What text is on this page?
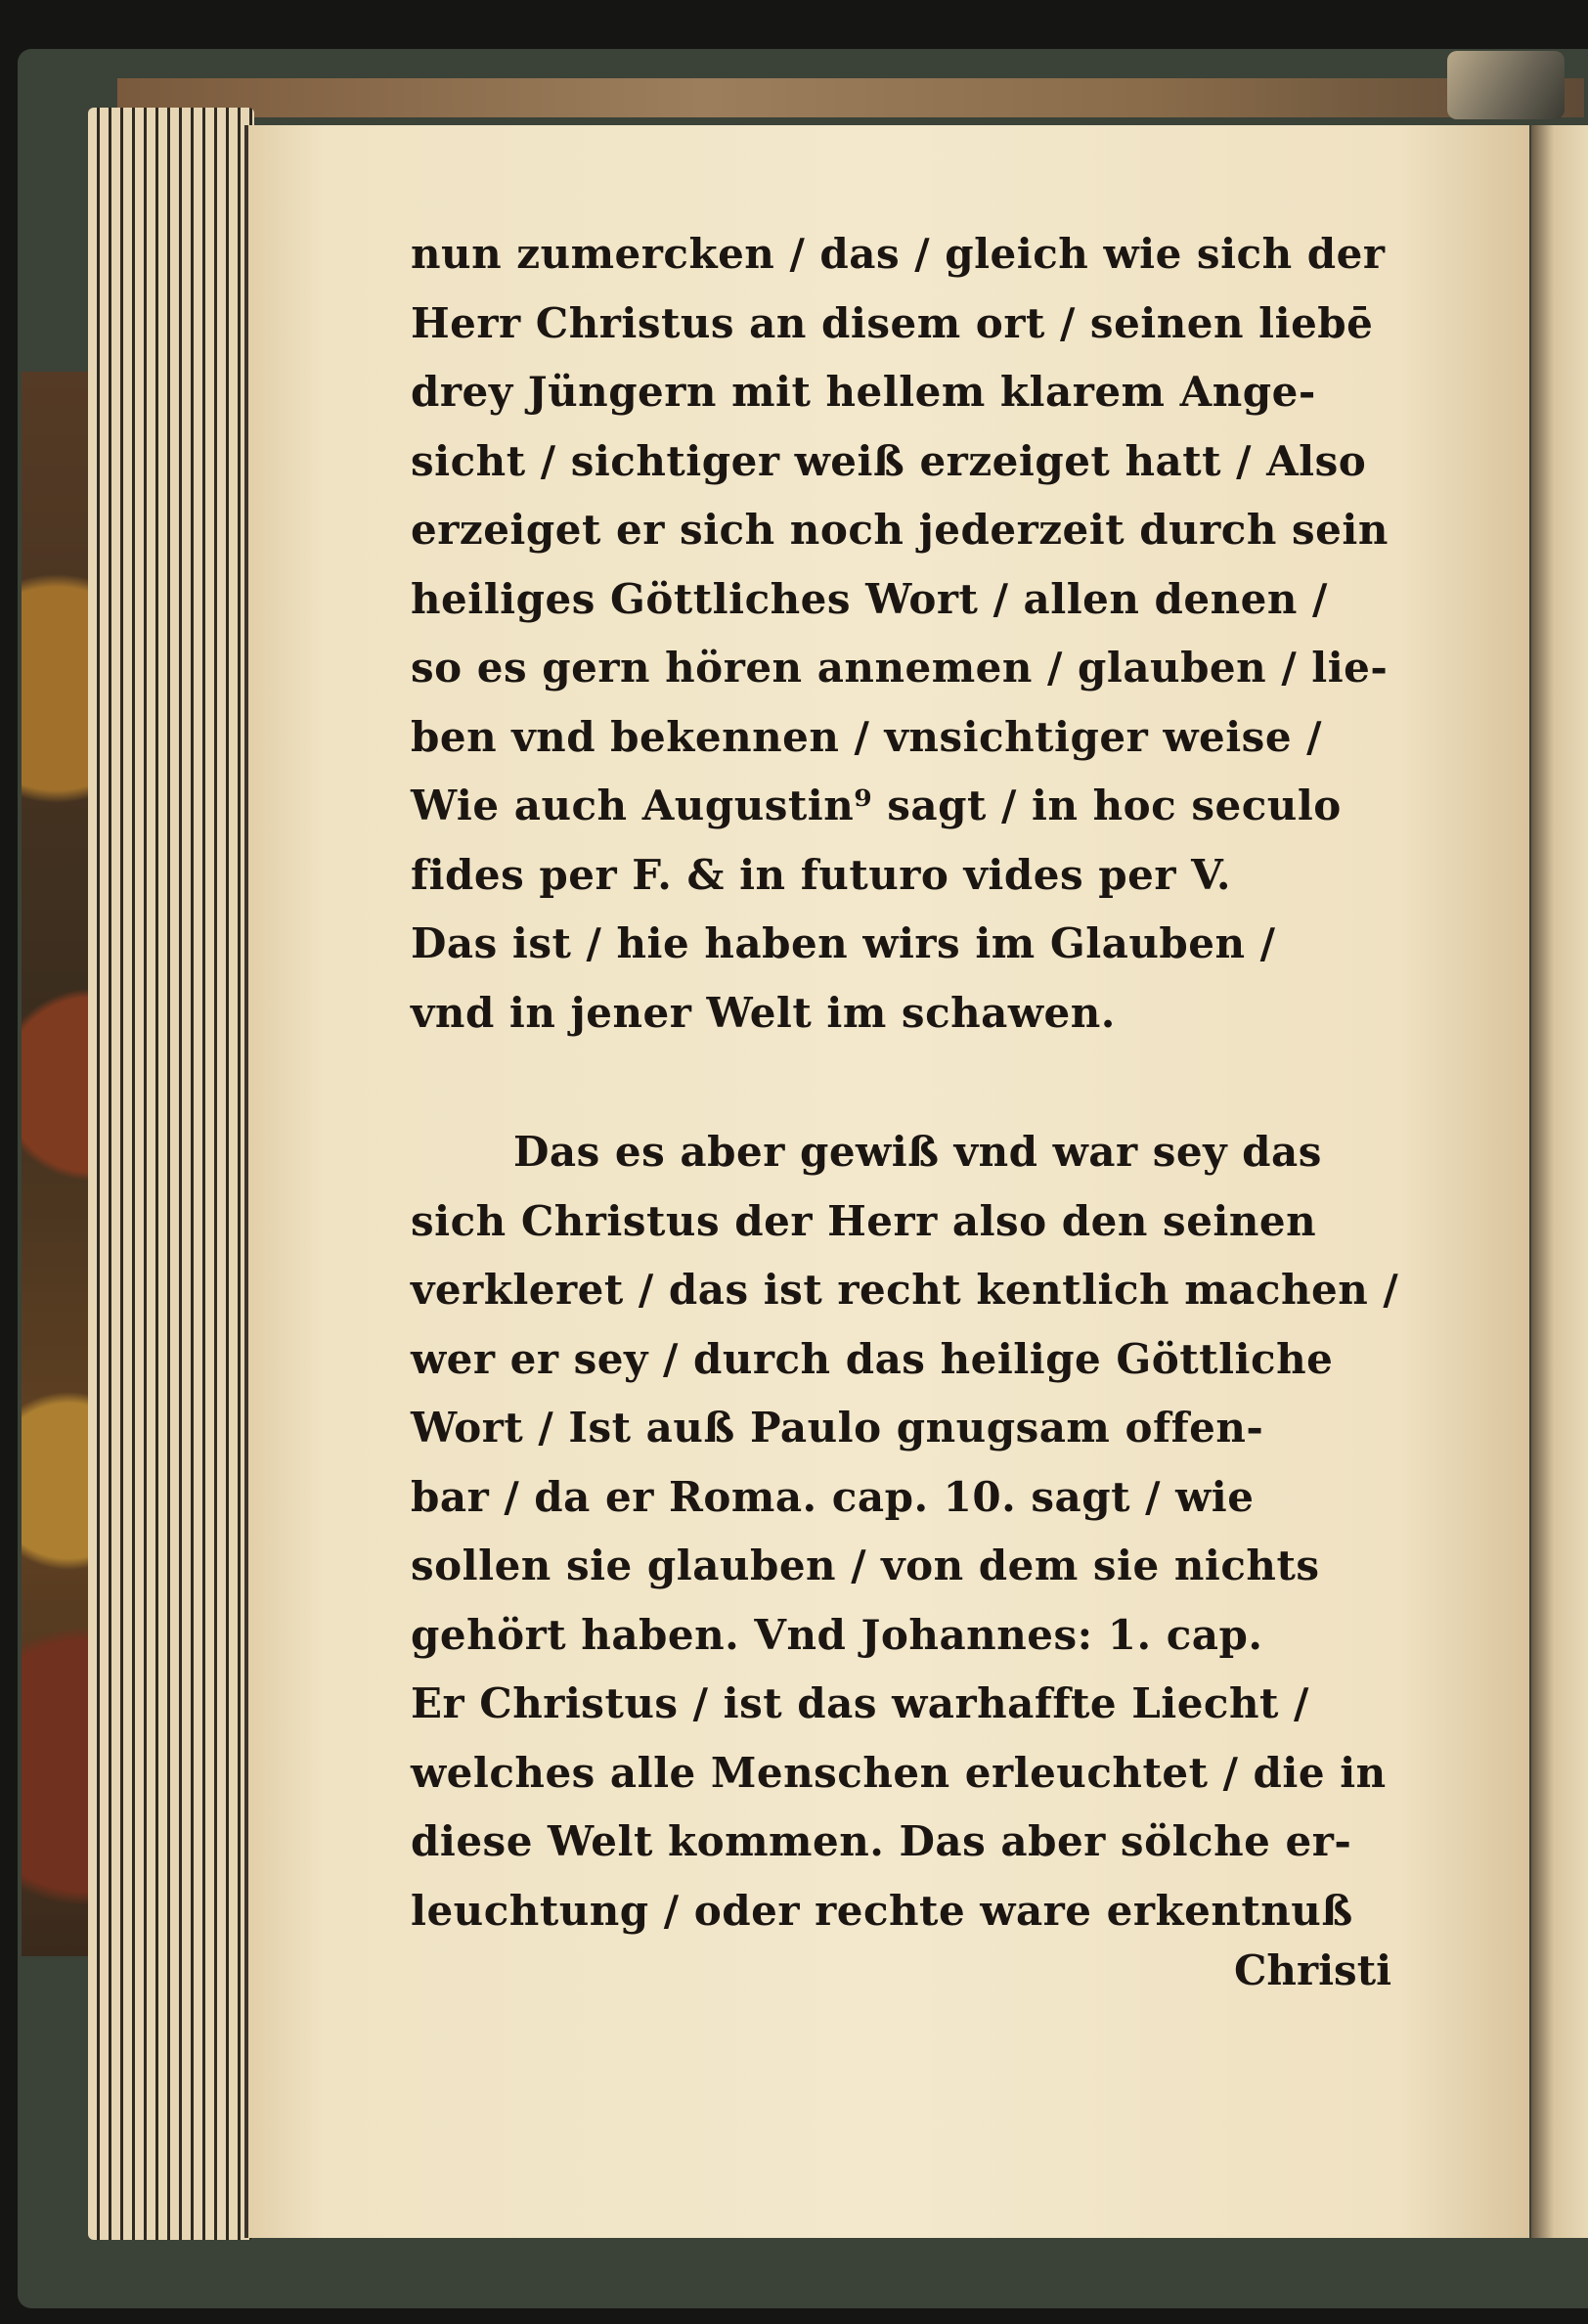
nun zumercken / das / gleich wie sich der
Herr Christus an disem ort / seinen liebē
drey Jüngern mit hellem klarem Ange-
sicht / sichtiger weiß erzeiget hatt / Also
erzeiget er sich noch jederzeit durch sein
heiliges Göttliches Wort / allen denen /
so es gern hören annemen / glauben / lie-
ben vnd bekennen / vnsichtiger weise /
Wie auch Augustin⁹ sagt / in hoc seculo
fides per F. & in futuro vides per V.
Das ist / hie haben wirs im Glauben /
vnd in jener Welt im schawen.
Das es aber gewiß vnd war sey das
sich Christus der Herr also den seinen
verkleret / das ist recht kentlich machen /
wer er sey / durch das heilige Göttliche
Wort / Ist auß Paulo gnugsam offen-
bar / da er Roma. cap. 10. sagt / wie
sollen sie glauben / von dem sie nichts
gehört haben. Vnd Johannes: 1. cap.
Er Christus / ist das warhaffte Liecht /
welches alle Menschen erleuchtet / die in
diese Welt kommen. Das aber sölche er-
leuchtung / oder rechte ware erkentnuß
Christi
